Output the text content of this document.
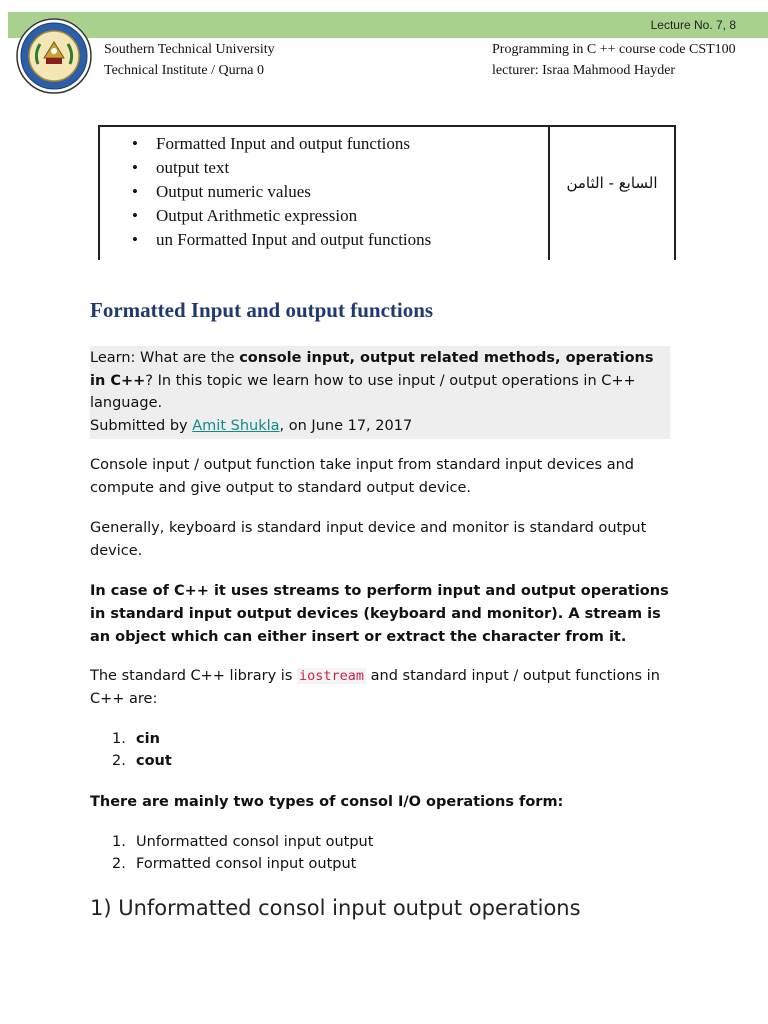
Lecture No. 7, 8
Southern Technical University
Technical Institute / Qurna 0
Programming in C ++ course code CST100
lecturer: Israa Mahmood Hayder
• Formatted Input and output functions
• output text
• Output numeric values
• Output Arithmetic expression
• un Formatted Input and output functions
السابع - الثامن
Formatted Input and output functions
Learn: What are the console input, output related methods, operations in C++? In this topic we learn how to use input / output operations in C++ language.
Submitted by Amit Shukla, on June 17, 2017
Console input / output function take input from standard input devices and compute and give output to standard output device.
Generally, keyboard is standard input device and monitor is standard output device.
In case of C++ it uses streams to perform input and output operations in standard input output devices (keyboard and monitor). A stream is an object which can either insert or extract the character from it.
The standard C++ library is iostream and standard input / output functions in C++ are:
1. cin
2. cout
There are mainly two types of consol I/O operations form:
1. Unformatted consol input output
2. Formatted consol input output
1) Unformatted consol input output operations
